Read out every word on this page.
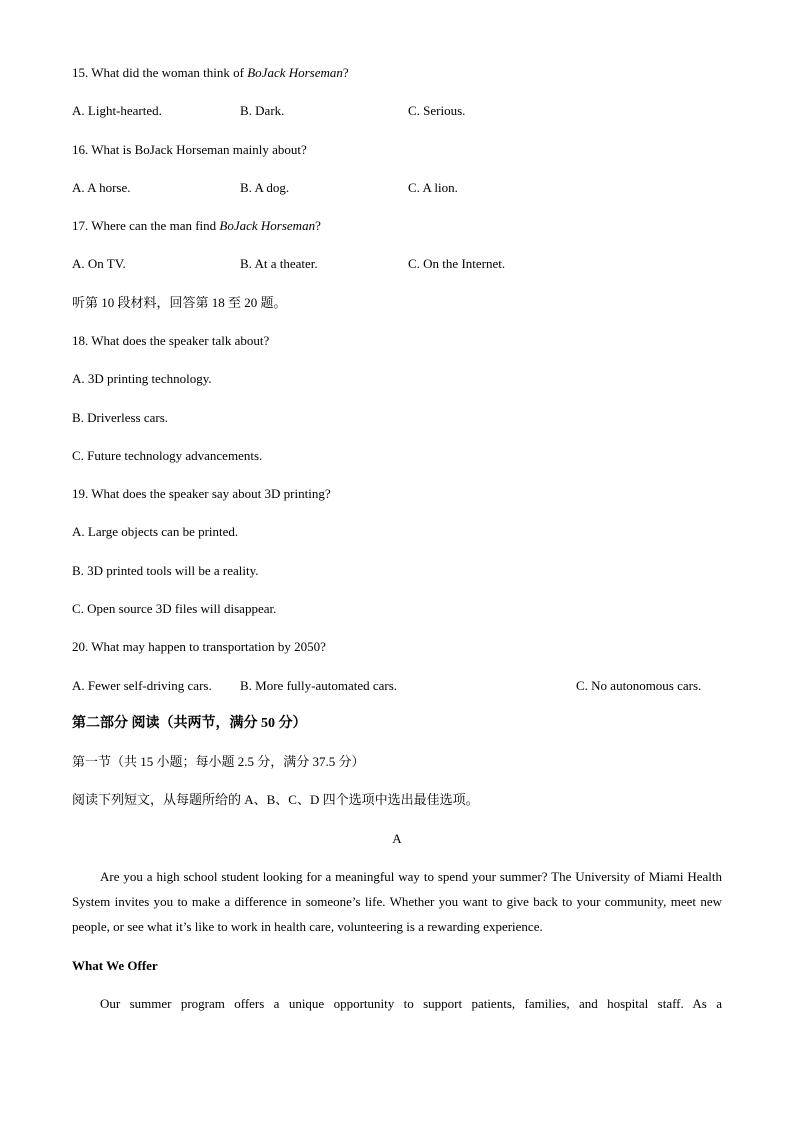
15. What did the woman think of BoJack Horseman?
A. Light-hearted.	B. Dark.	C. Serious.
16. What is BoJack Horseman mainly about?
A. A horse.	B. A dog.	C. A lion.
17. Where can the man find BoJack Horseman?
A. On TV.	B. At a theater.	C. On the Internet.
听第 10 段材料，回答第 18 至 20 题。
18. What does the speaker talk about?
A. 3D printing technology.
B. Driverless cars.
C. Future technology advancements.
19. What does the speaker say about 3D printing?
A. Large objects can be printed.
B. 3D printed tools will be a reality.
C. Open source 3D files will disappear.
20. What may happen to transportation by 2050?
A. Fewer self-driving cars. B. More fully-automated cars.	C. No autonomous cars.
第二部分 阅读（共两节，满分 50 分）
第一节（共 15 小题；每小题 2.5 分，满分 37.5 分）
阅读下列短文，从每题所给的 A、B、C、D 四个选项中选出最佳选项。
A
Are you a high school student looking for a meaningful way to spend your summer? The University of Miami Health System invites you to make a difference in someone’s life. Whether you want to give back to your community, meet new people, or see what it’s like to work in health care, volunteering is a rewarding experience.
What We Offer
Our summer program offers a unique opportunity to support patients, families, and hospital staff. As a
